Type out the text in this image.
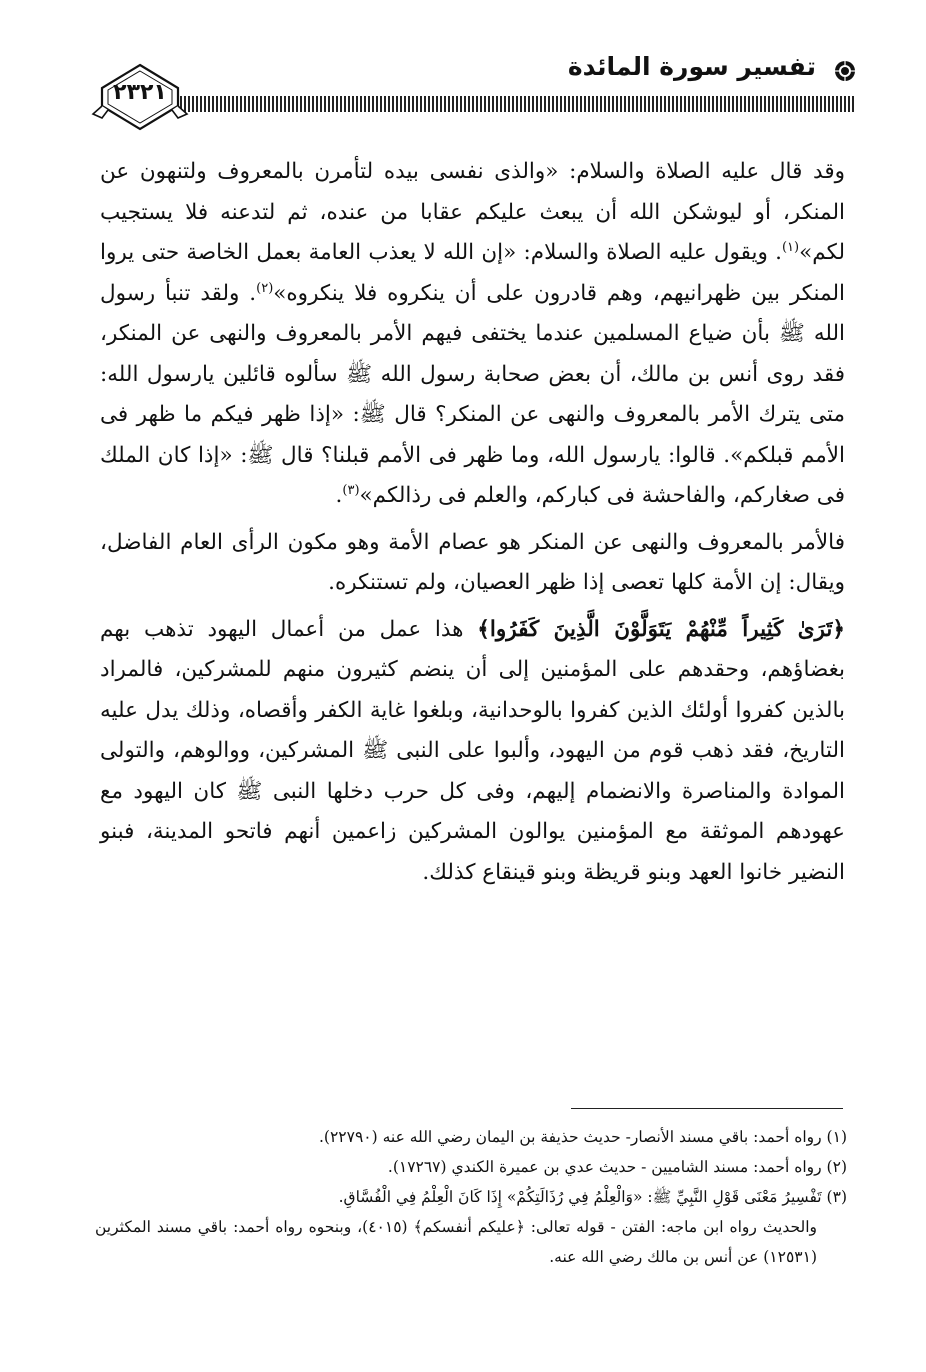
تفسير سورة المائدة
٢٣٢١

وقد قال عليه الصلاة والسلام: «والذى نفسى بيده لتأمرن بالمعروف ولتنهون عن المنكر، أو ليوشكن الله أن يبعث عليكم عقابا من عنده، ثم لتدعنه فلا يستجيب لكم»$^{(١)}$. ويقول عليه الصلاة والسلام: «إن الله لا يعذب العامة بعمل الخاصة حتى يروا المنكر بين ظهرانيهم، وهم قادرون على أن ينكروه فلا ينكروه»$^{(٢)}$. ولقد تنبأ رسول الله ﷺ بأن ضياع المسلمين عندما يختفى فيهم الأمر بالمعروف والنهى عن المنكر، فقد روى أنس بن مالك، أن بعض صحابة رسول الله ﷺ سألوه قائلين يارسول الله: متى يترك الأمر بالمعروف والنهى عن المنكر؟ قال ﷺ: «إذا ظهر فيكم ما ظهر فى الأمم قبلكم». قالوا: يارسول الله، وما ظهر فى الأمم قبلنا؟ قال ﷺ: «إذا كان الملك فى صغاركم، والفاحشة فى كباركم، والعلم فى رذالكم»$^{(٣)}$.

فالأمر بالمعروف والنهى عن المنكر هو عصام الأمة وهو مكون الرأى العام الفاضل، ويقال: إن الأمة كلها تعصى إذا ظهر العصيان، ولم تستنكره.

﴿تَرَىٰ كَثِيراً مِّنْهُمْ يَتَوَلَّوْنَ الَّذِينَ كَفَرُوا﴾ هذا عمل من أعمال اليهود تذهب بهم بغضاؤهم، وحقدهم على المؤمنين إلى أن ينضم كثيرون منهم للمشركين، فالمراد بالذين كفروا أولئك الذين كفروا بالوحدانية، وبلغوا غاية الكفر وأقصاه، وذلك يدل عليه التاريخ، فقد ذهب قوم من اليهود، وألبوا على النبى ﷺ المشركين، ووالوهم، والتولى الموادة والمناصرة والانضمام إليهم، وفى كل حرب دخلها النبى ﷺ كان اليهود مع عهودهم الموثقة مع المؤمنين يوالون المشركين زاعمين أنهم فاتحو المدينة، فبنو النضير خانوا العهد وبنو قريظة وبنو قينقاع كذلك.

(١) رواه أحمد: باقي مسند الأنصار- حديث حذيفة بن اليمان رضي الله عنه (٢٢٧٩٠).

(٢) رواه أحمد: مسند الشاميين - حديث عدي بن عميرة الكندي (١٧٢٦٧).

(٣) تَفْسِيرُ مَعْنَى قَوْلِ النَّبِيِّ ﷺ: «وَالْعِلْمُ فِي رُذَالَتِكُمْ» إِذَا كَانَ الْعِلْمُ فِي الْفُسَّاقِ.

والحديث رواه ابن ماجه: الفتن - قوله تعالى: ﴿عليكم أنفسكم﴾ (٤٠١٥)، وبنحوه رواه أحمد: باقي مسند المكثرين (١٢٥٣١) عن أنس بن مالك رضي الله عنه.
